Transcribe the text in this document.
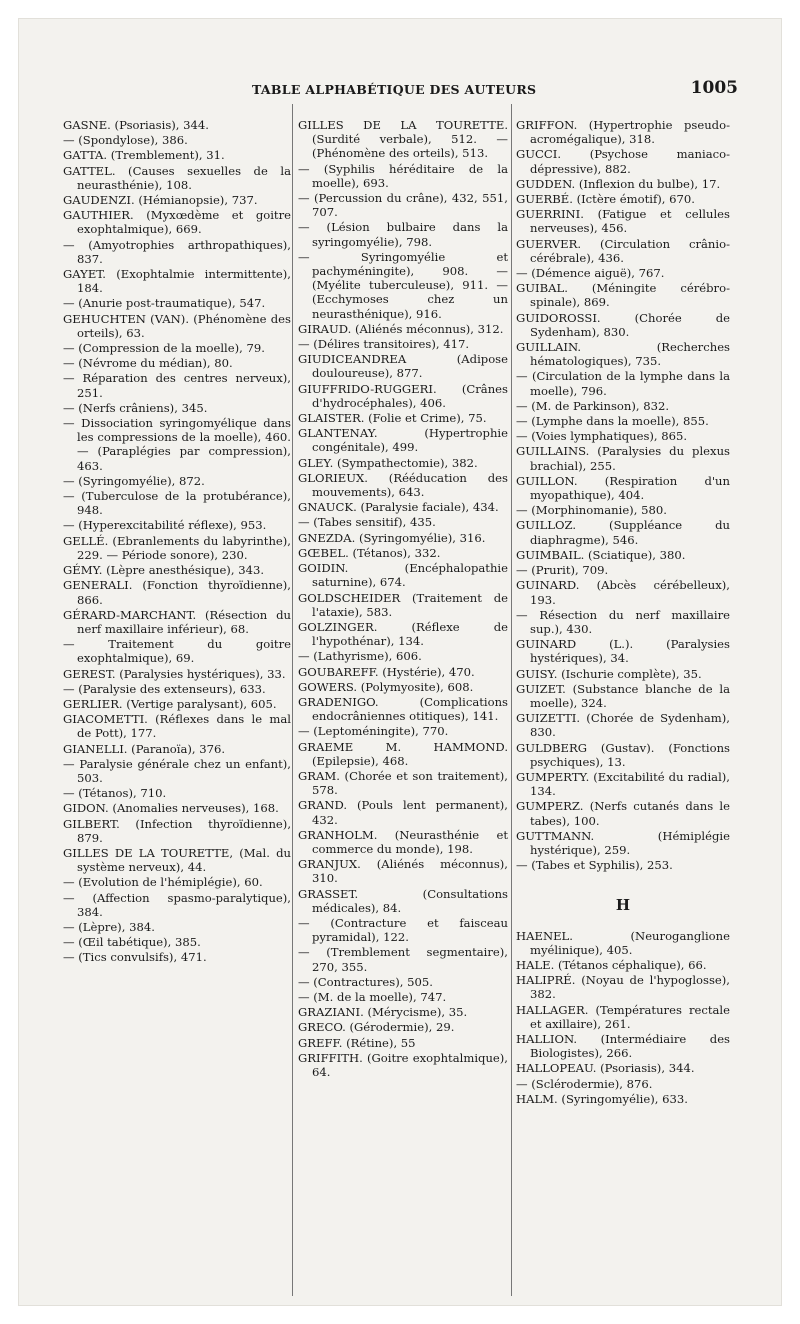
TABLE ALPHABÉTIQUE DES AUTEURS	1005
GASNE. (Psoriasis), 344.
— (Spondylose), 386.
GATTA. (Tremblement), 31.
GATTEL. (Causes sexuelles de la neurasthénie), 108.
GAUDENZI. (Hémianopsie), 737.
GAUTHIER. (Myxœdème et goitre exophtalmique), 669.
— (Amyotrophies arthropathiques), 837.
GAYET. (Exophtalmie intermittente), 184.
— (Anurie post-traumatique), 547.
GEHUCHTEN (VAN). (Phénomène des orteils), 63.
— (Compression de la moelle), 79.
— (Névrome du médian), 80.
— Réparation des centres nerveux), 251.
— (Nerfs crâniens), 345.
— Dissociation syringomyélique dans les compressions de la moelle), 460. — (Paraplégies par compression), 463.
— (Syringomyélie), 872.
— (Tuberculose de la protubérance), 948.
— (Hyperexcitabilité réflexe), 953.
GELLÉ. (Ebranlements du labyrinthe), 229. — Période sonore), 230.
GÉMY. (Lèpre anesthésique), 343.
GENERALI. (Fonction thyroïdienne), 866.
GÉRARD-MARCHANT. (Résection du nerf maxillaire inférieur), 68.
— Traitement du goitre exophtalmique), 69.
GEREST. (Paralysies hystériques), 33.
— (Paralysie des extenseurs), 633.
GERLIER. (Vertige paralysant), 605.
GIACOMETTI. (Réflexes dans le mal de Pott), 177.
GIANELLI. (Paranoïa), 376.
— Paralysie générale chez un enfant), 503.
— (Tétanos), 710.
GIDON. (Anomalies nerveuses), 168.
GILBERT. (Infection thyroïdienne), 879.
GILLES DE LA TOURETTE, (Mal. du système nerveux), 44.
— (Evolution de l'hémiplégie), 60.
— (Affection spasmo-paralytique), 384.
— (Lèpre), 384.
— (Œil tabétique), 385.
— (Tics convulsifs), 471.
GILLES DE LA TOURETTE. (Surdité verbale), 512. — (Phénomène des orteils), 513.
— (Syphilis héréditaire de la moelle), 693.
— (Percussion du crâne), 432, 551, 707.
— (Lésion bulbaire dans la syringomyélie), 798.
— Syringomyélie et pachyméningite), 908. — (Myélite tuberculeuse), 911. — (Ecchymoses chez un neurasthénique), 916.
GIRAUD. (Aliénés méconnus), 312.
— (Délires transitoires), 417.
GIUDICEANDREA (Adipose douloureuse), 877.
GIUFFRIDO-RUGGERI. (Crânes d'hydrocéphales), 406.
GLAISTER. (Folie et Crime), 75.
GLANTENAY. (Hypertrophie congénitale), 499.
GLEY. (Sympathectomie), 382.
GLORIEUX. (Rééducation des mouvements), 643.
GNAUCK. (Paralysie faciale), 434.
— (Tabes sensitif), 435.
GNEZDA. (Syringomyélie), 316.
GŒBEL. (Tétanos), 332.
GOIDIN. (Encéphalopathie saturnine), 674.
GOLDSCHEIDER (Traitement de l'ataxie), 583.
GOLZINGER. (Réflexe de l'hypothénar), 134.
— (Lathyrisme), 606.
GOUBAREFF. (Hystérie), 470.
GOWERS. (Polymyosite), 608.
GRADENIGO. (Complications endocrâniennes otitiques), 141.
— (Leptoméningite), 770.
GRAEME M. HAMMOND. (Epilepsie), 468.
GRAM. (Chorée et son traitement), 578.
GRAND. (Pouls lent permanent), 432.
GRANHOLM. (Neurasthénie et commerce du monde), 198.
GRANJUX. (Aliénés méconnus), 310.
GRASSET. (Consultations médicales), 84.
— (Contracture et faisceau pyramidal), 122.
— (Tremblement segmentaire), 270, 355.
— (Contractures), 505.
— (M. de la moelle), 747.
GRAZIANI. (Mérycisme), 35.
GRECO. (Gérodermie), 29.
GREFF. (Rétine), 55
GRIFFITH. (Goitre exophtalmique), 64.
GRIFFON. (Hypertrophie pseudo-acromégalique), 318.
GUCCI. (Psychose maniaco-dépressive), 882.
GUDDEN. (Inflexion du bulbe), 17.
GUERBÉ. (Ictère émotif), 670.
GUERRINI. (Fatigue et cellules nerveuses), 456.
GUERVER. (Circulation crânio-cérébrale), 436.
— (Démence aiguë), 767.
GUIBAL. (Méningite cérébro-spinale), 869.
GUIDOROSSI. (Chorée de Sydenham), 830.
GUILLAIN. (Recherches hématologiques), 735.
— (Circulation de la lymphe dans la moelle), 796.
— (M. de Parkinson), 832.
— (Lymphe dans la moelle), 855.
— (Voies lymphatiques), 865.
GUILLAINS. (Paralysies du plexus brachial), 255.
GUILLON. (Respiration d'un myopathique), 404.
— (Morphinomanie), 580.
GUILLOZ. (Suppléance du diaphragme), 546.
GUIMBAIL. (Sciatique), 380.
— (Prurit), 709.
GUINARD. (Abcès cérébelleux), 193.
— Résection du nerf maxillaire sup.), 430.
GUINARD (L.). (Paralysies hystériques), 34.
GUISY. (Ischurie complète), 35.
GUIZET. (Substance blanche de la moelle), 324.
GUIZETTI. (Chorée de Sydenham), 830.
GULDBERG (Gustav). (Fonctions psychiques), 13.
GUMPERTY. (Excitabilité du radial), 134.
GUMPERZ. (Nerfs cutanés dans le tabes), 100.
GUTTMANN. (Hémiplégie hystérique), 259.
— (Tabes et Syphilis), 253.
H
HAENEL. (Neuroganglione myélinique), 405.
HALE. (Tétanos céphalique), 66.
HALIPRÉ. (Noyau de l'hypoglosse), 382.
HALLAGER. (Températures rectale et axillaire), 261.
HALLION. (Intermédiaire des Biologistes), 266.
HALLOPEAU. (Psoriasis), 344.
— (Sclérodermie), 876.
HALM. (Syringomyélie), 633.
